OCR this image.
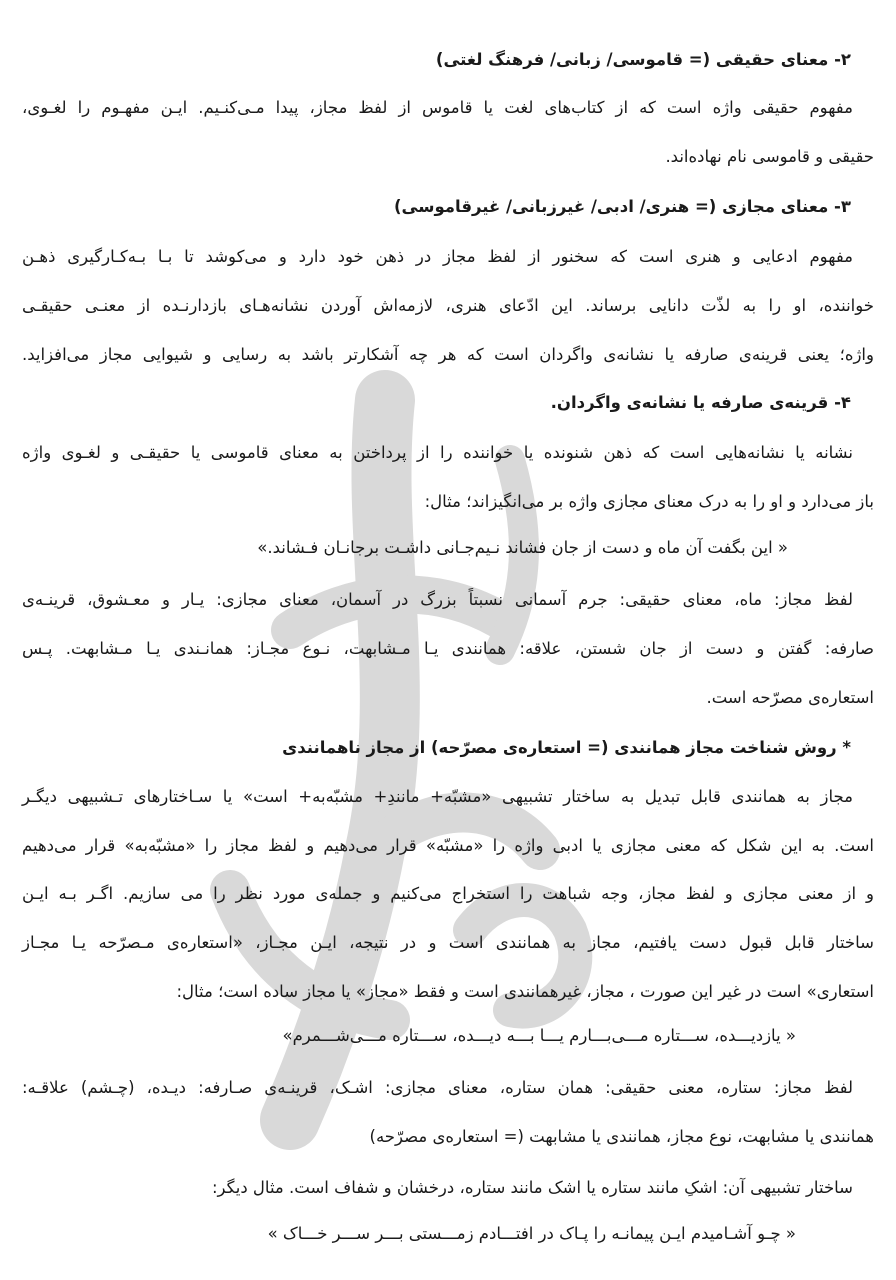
۲- معنای حقیقی (= قاموسی/ زبانی/ فرهنگ لغتی)
مفهوم حقیقی واژه است که از کتاب‌های لغت یا قاموس از لفظ مجاز، پیدا مـی‌کنـیم. ایـن مفهـوم را لغـوی،
حقیقی و قاموسی نام نهاده‌اند.
۳- معنای مجازی (= هنری/ ادبی/ غیرزبانی/ غیرقاموسی)
مفهوم ادعایی و هنری است که سخنور از لفظ مجاز در ذهن خود دارد و می‌کوشد تا بـا بـه‌کـارگیری ذهـن
خواننده، او را به لذّت دانایی برساند. این ادّعای هنری، لازمه‌اش آوردن نشانه‌هـای بازدارنـده از معنـی حقیقـی
واژه؛ یعنی قرینه‌ی صارفه یا نشانه‌ی واگردان است که هر چه آشکارتر باشد به رسایی و شیوایی مجاز می‌افزاید.
۴- قرینه‌ی صارفه یا نشانه‌ی واگردان.
نشانه یا نشانه‌هایی است که ذهن شنونده یا خواننده را از پرداختن به معنای قاموسی یا حقیقـی و لغـوی واژه
باز می‌دارد و او را به درک معنای مجازی واژه بر می‌انگیزاند؛ مثال:
« این بگفت آن ماه و دست از جان فشاند نـیم‌جـانی داشـت برجانـان فـشاند.»
لفظ مجاز: ماه، معنای حقیقی: جرم آسمانی نسبتاً بزرگ در آسمان، معنای مجازی: یـار و معـشوق، قرینـه‌ی
صارفه: گفتن و دست از جان شستن، علاقه: همانندی یـا مـشابهت، نـوع مجـاز: همانـندی یـا مـشابهت. پـس
استعاره‌ی مصرّحه است.
* روش شناخت مجاز همانندی (= استعاره‌ی مصرّحه) از مجاز ناهمانندی
مجاز به همانندی قابل تبدیل به ساختار تشبیهی «مشبّه+ مانندِ+ مشبّه‌به+ است» یا سـاختارهای تـشبیهی دیگـر
است. به این شکل که معنی مجازی یا ادبی واژه را «مشبّه» قرار می‌دهیم و لفظ مجاز را «مشبّه‌به» قرار می‌دهیم
و از معنی مجازی و لفظ مجاز، وجه شباهت را استخراج می‌کنیم و جمله‌ی مورد نظر را می سازیم. اگـر بـه ایـن
ساختار قابل قبول دست یافتیم، مجاز به همانندی است و در نتیجه، ایـن مجـاز، «استعاره‌ی مـصرّحه یـا مجـاز
استعاری» است در غیر این صورت ، مجاز، غیرهمانندی است و فقط «مجاز» یا مجاز ساده است؛ مثال:
« یازدیـــده، ســـتاره مـــی‌بـــارم یـــا بـــه دیـــده، ســـتاره مـــی‌شـــمرم»
لفظ مجاز: ستاره، معنی حقیقی: همان ستاره، معنای مجازی: اشـک، قرینـه‌ی صـارفه: دیـده، (چـشم) علاقـه:
همانندی یا مشابهت، نوع مجاز، همانندی یا مشابهت (= استعاره‌ی مصرّحه)
ساختار تشبیهی آن: اشکِ مانند ستاره یا اشک مانند ستاره، درخشان و شفاف است. مثال دیگر:
« چـو آشـامیدم ایـن پیمانـه را پـاک در افتـــادم زمـــستی بـــر ســـر خـــاک »
